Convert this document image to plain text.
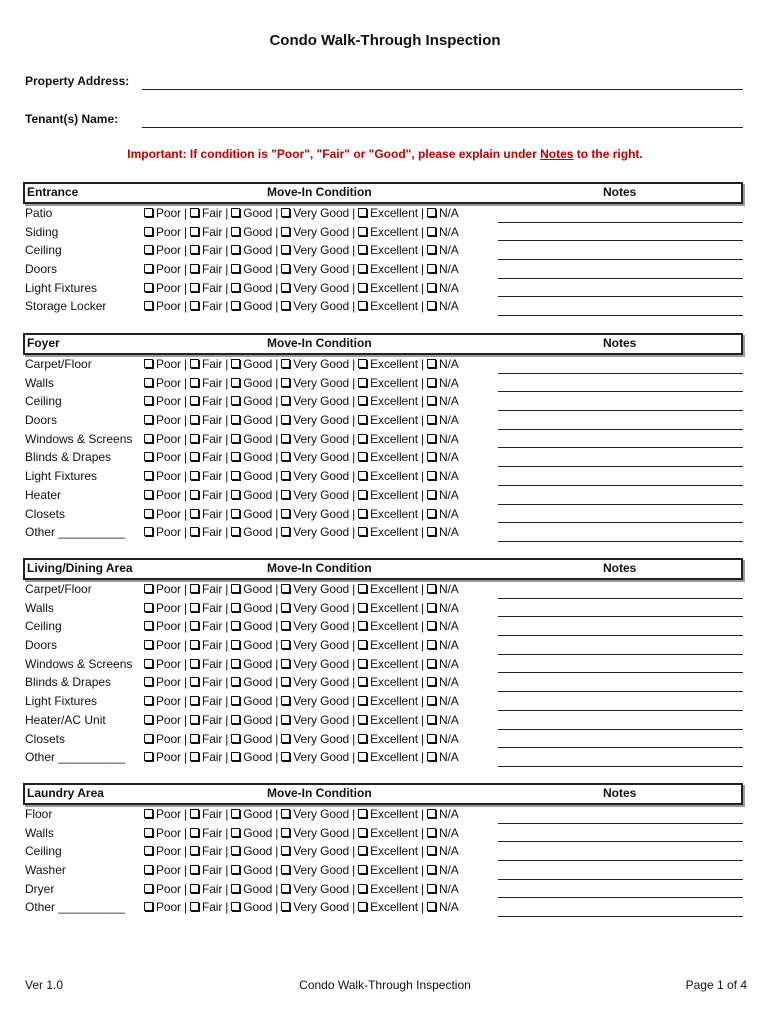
Condo Walk-Through Inspection
Property Address:
Tenant(s) Name:
Important: If condition is "Poor", "Fair" or "Good", please explain under Notes to the right.
Entrance	Move-In Condition	Notes
Patio	Poor | Fair | Good | Very Good | Excellent | N/A
Siding	Poor | Fair | Good | Very Good | Excellent | N/A
Ceiling	Poor | Fair | Good | Very Good | Excellent | N/A
Doors	Poor | Fair | Good | Very Good | Excellent | N/A
Light Fixtures	Poor | Fair | Good | Very Good | Excellent | N/A
Storage Locker	Poor | Fair | Good | Very Good | Excellent | N/A
Foyer	Move-In Condition	Notes
Carpet/Floor	Poor | Fair | Good | Very Good | Excellent | N/A
Walls	Poor | Fair | Good | Very Good | Excellent | N/A
Ceiling	Poor | Fair | Good | Very Good | Excellent | N/A
Doors	Poor | Fair | Good | Very Good | Excellent | N/A
Windows & Screens	Poor | Fair | Good | Very Good | Excellent | N/A
Blinds & Drapes	Poor | Fair | Good | Very Good | Excellent | N/A
Light Fixtures	Poor | Fair | Good | Very Good | Excellent | N/A
Heater	Poor | Fair | Good | Very Good | Excellent | N/A
Closets	Poor | Fair | Good | Very Good | Excellent | N/A
Other __________	Poor | Fair | Good | Very Good | Excellent | N/A
Living/Dining Area	Move-In Condition	Notes
Carpet/Floor	Poor | Fair | Good | Very Good | Excellent | N/A
Walls	Poor | Fair | Good | Very Good | Excellent | N/A
Ceiling	Poor | Fair | Good | Very Good | Excellent | N/A
Doors	Poor | Fair | Good | Very Good | Excellent | N/A
Windows & Screens	Poor | Fair | Good | Very Good | Excellent | N/A
Blinds & Drapes	Poor | Fair | Good | Very Good | Excellent | N/A
Light Fixtures	Poor | Fair | Good | Very Good | Excellent | N/A
Heater/AC Unit	Poor | Fair | Good | Very Good | Excellent | N/A
Closets	Poor | Fair | Good | Very Good | Excellent | N/A
Other __________	Poor | Fair | Good | Very Good | Excellent | N/A
Laundry Area	Move-In Condition	Notes
Floor	Poor | Fair | Good | Very Good | Excellent | N/A
Walls	Poor | Fair | Good | Very Good | Excellent | N/A
Ceiling	Poor | Fair | Good | Very Good | Excellent | N/A
Washer	Poor | Fair | Good | Very Good | Excellent | N/A
Dryer	Poor | Fair | Good | Very Good | Excellent | N/A
Other __________	Poor | Fair | Good | Very Good | Excellent | N/A
Ver 1.0	Condo Walk-Through Inspection	Page 1 of 4
